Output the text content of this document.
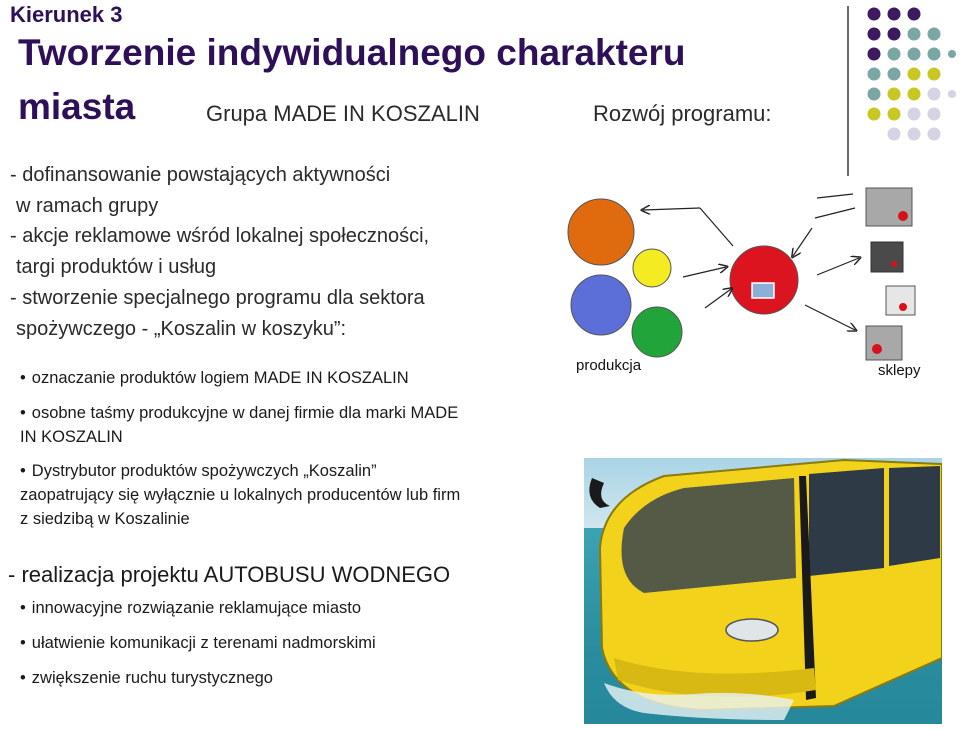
Kierunek 3
Tworzenie indywidualnego charakteru
miasta	Grupa MADE IN KOSZALIN	Rozwój programu:
- dofinansowanie powstających aktywności
w ramach grupy
- akcje reklamowe wśród lokalnej społeczności,
targi produktów i usług
- stworzenie specjalnego programu dla sektora
spożywczego - „Koszalin w koszyku”:
• oznaczanie produktów logiem MADE IN KOSZALIN
• osobne taśmy produkcyjne w danej firmie dla marki MADE
IN KOSZALIN
• Dystrybutor produktów spożywczych „Koszalin”
zaopatrujący się wyłącznie u lokalnych producentów lub firm
z siedzibą w Koszalinie
- realizacja projektu AUTOBUSU WODNEGO
• innowacyjne rozwiązanie reklamujące miasto
• ułatwienie komunikacji z terenami nadmorskimi
• zwiększenie ruchu turystycznego
produkcja	sklepy
